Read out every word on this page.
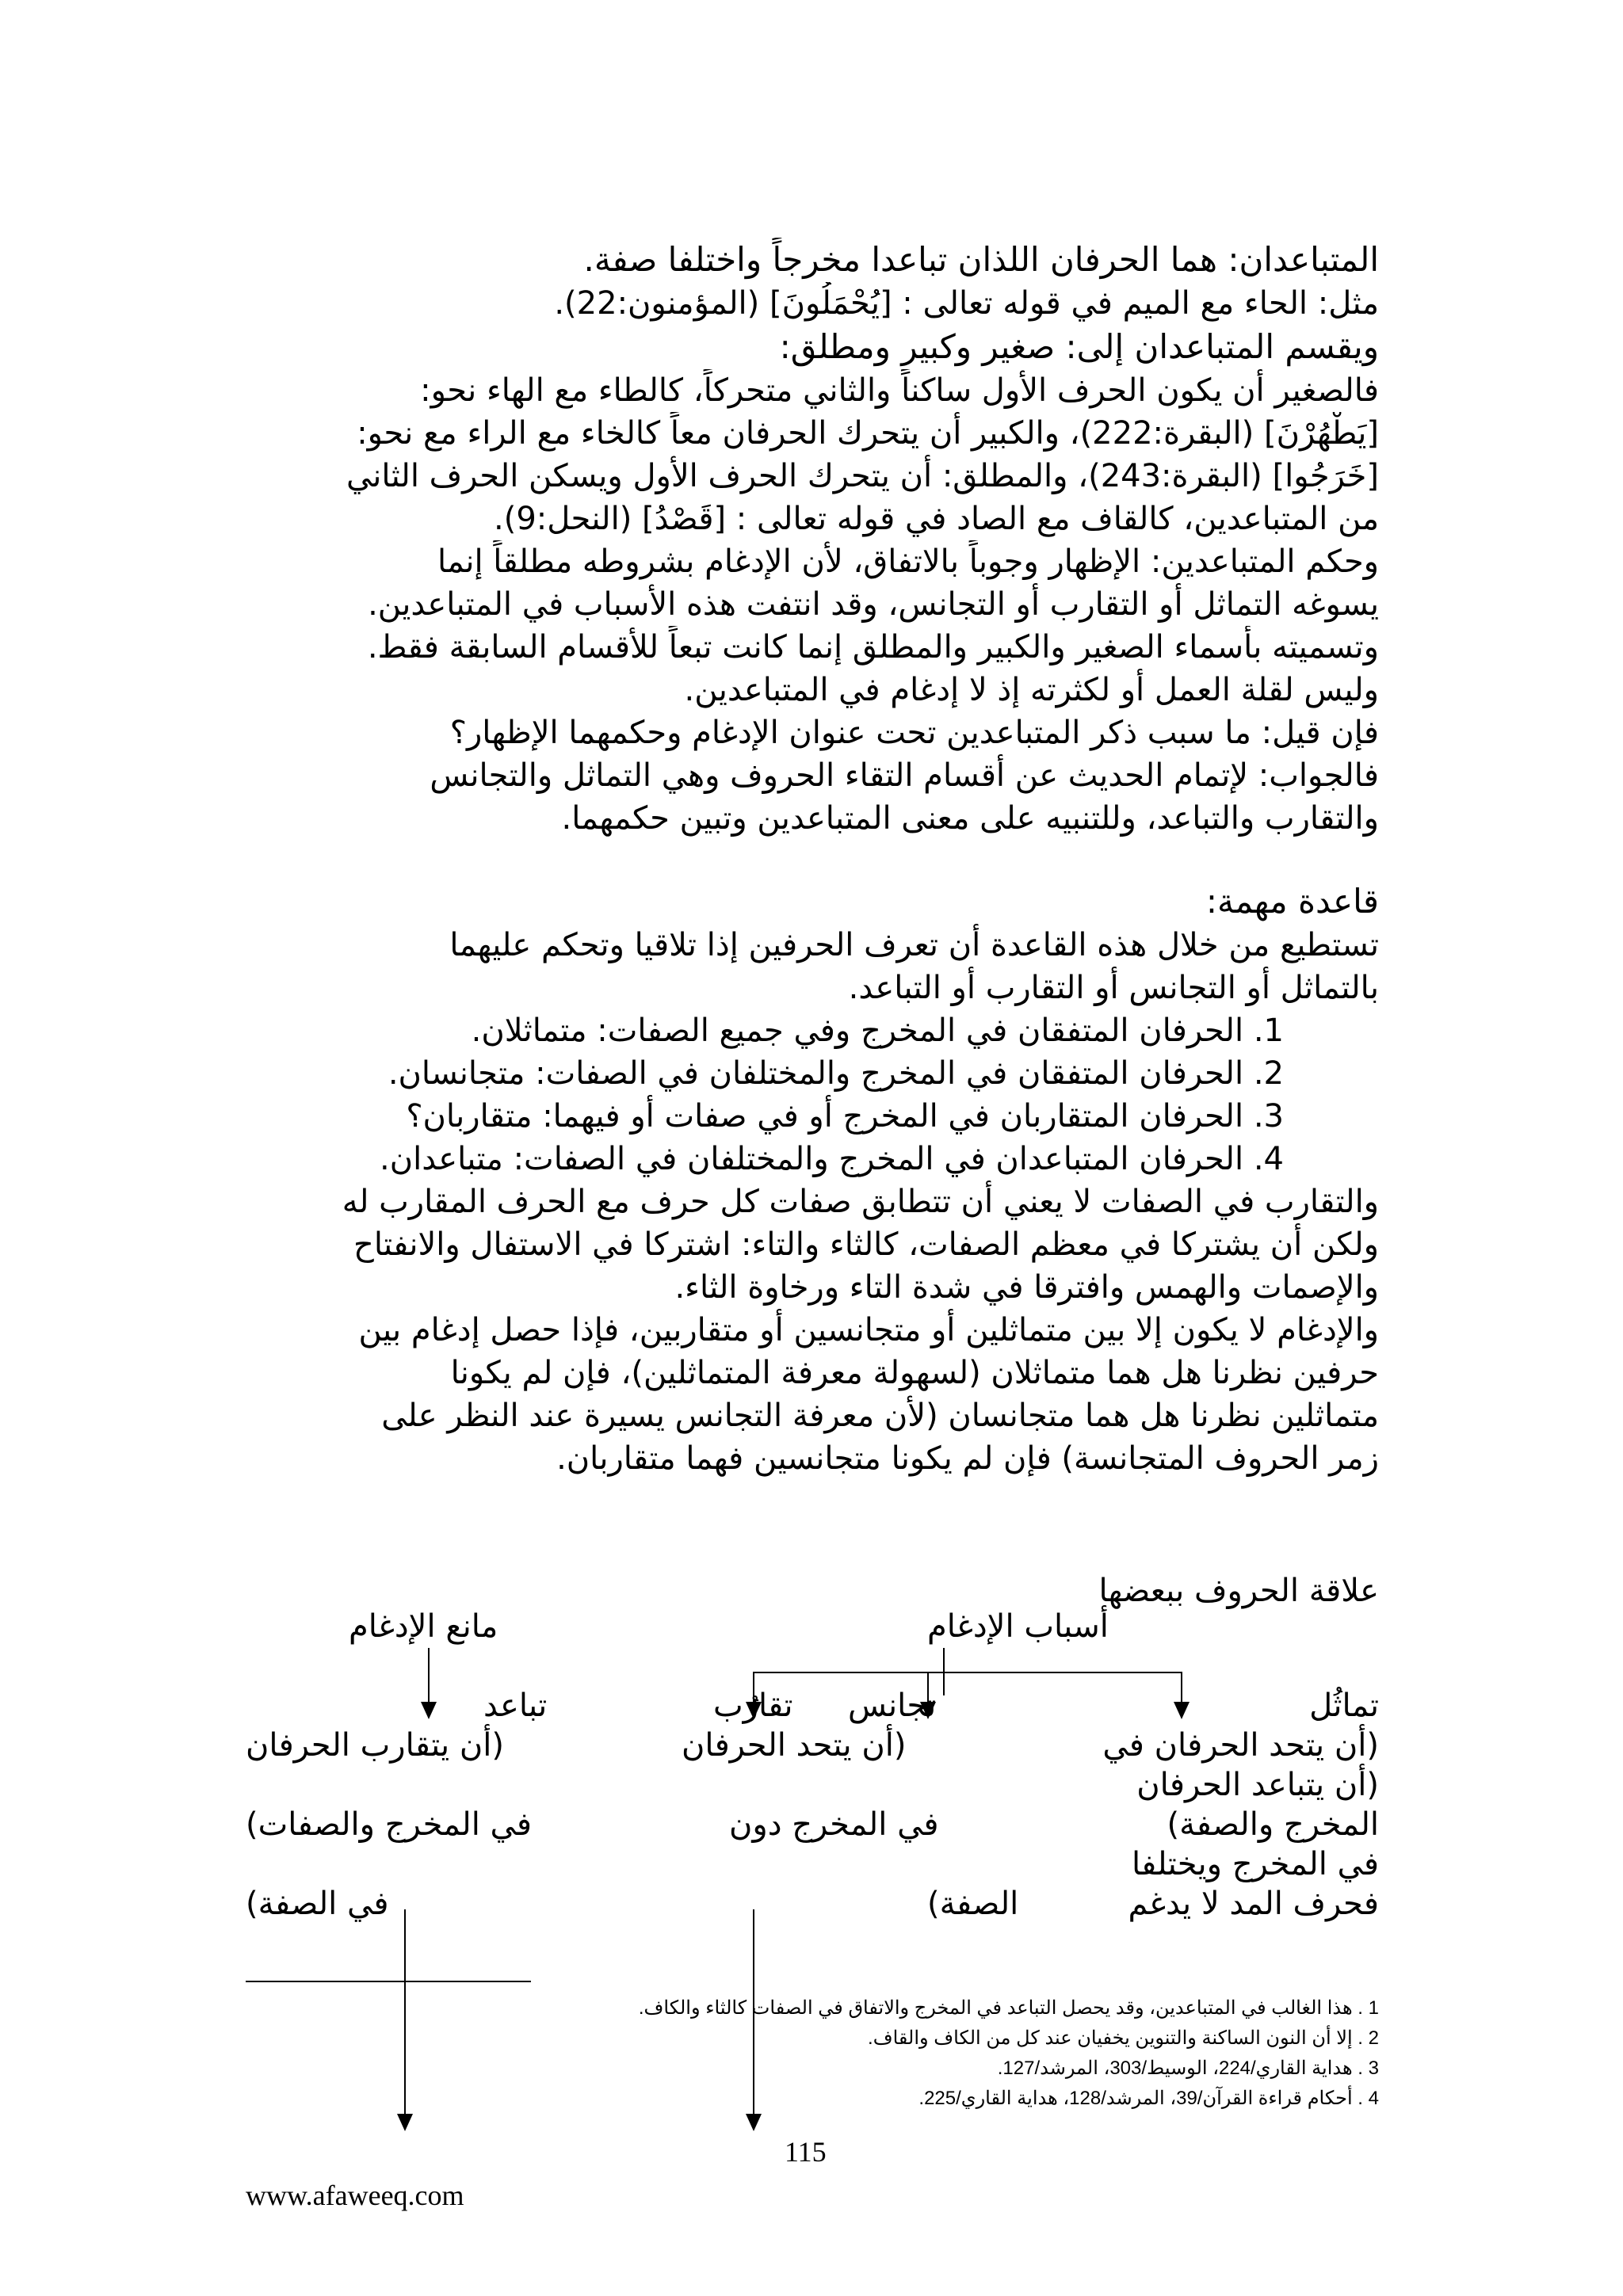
المتباعدان: هما الحرفان اللذان تباعدا مخرجاً واختلفا صفة.
مثل: الحاء مع الميم في قوله تعالى : [يُحْمَلُونَ] (المؤمنون:22).
ويقسم المتباعدان إلى: صغير وكبير ومطلق:
فالصغير أن يكون الحرف الأول ساكناً والثاني متحركاً، كالطاء مع الهاء نحو:
[يَطْهُرْنَ] (البقرة:222)، والكبير أن يتحرك الحرفان معاً كالخاء مع الراء مع نحو:
[خَرَجُوا] (البقرة:243)، والمطلق: أن يتحرك الحرف الأول ويسكن الحرف الثاني
من المتباعدين، كالقاف مع الصاد في قوله تعالى : [قَصْدُ] (النحل:9).
وحكم المتباعدين: الإظهار وجوباً بالاتفاق، لأن الإدغام بشروطه مطلقاً إنما
يسوغه التماثل أو التقارب أو التجانس، وقد انتفت هذه الأسباب في المتباعدين.
وتسميته بأسماء الصغير والكبير والمطلق إنما كانت تبعاً للأقسام السابقة فقط.
وليس لقلة العمل أو لكثرته إذ لا إدغام في المتباعدين.
فإن قيل: ما سبب ذكر المتباعدين تحت عنوان الإدغام وحكمهما الإظهار؟
فالجواب: لإتمام الحديث عن أقسام التقاء الحروف وهي التماثل والتجانس
والتقارب والتباعد، وللتنبيه على معنى المتباعدين وتبين حكمهما.
قاعدة مهمة:
تستطيع من خلال هذه القاعدة أن تعرف الحرفين إذا تلاقيا وتحكم عليهما
بالتماثل أو التجانس أو التقارب أو التباعد.
1. الحرفان المتفقان في المخرج وفي جميع الصفات: متماثلان.
2. الحرفان المتفقان في المخرج والمختلفان في الصفات: متجانسان.
3. الحرفان المتقاربان في المخرج أو في صفات أو فيهما: متقاربان؟
4. الحرفان المتباعدان في المخرج والمختلفان في الصفات: متباعدان.
والتقارب في الصفات لا يعني أن تتطابق صفات كل حرف مع الحرف المقارب له
ولكن أن يشتركا في معظم الصفات، كالثاء والتاء: اشتركا في الاستفال والانفتاح
والإصمات والهمس وافترقا في شدة التاء ورخاوة الثاء.
والإدغام لا يكون إلا بين متماثلين أو متجانسين أو متقاربين، فإذا حصل إدغام بين
حرفين نظرنا هل هما متماثلان (لسهولة معرفة المتماثلين)، فإن لم يكونا
متماثلين نظرنا هل هما متجانسان (لأن معرفة التجانس يسيرة عند النظر على
زمر الحروف المتجانسة) فإن لم يكونا متجانسين فهما متقاربان.
علاقة الحروف ببعضها
أسباب الإدغام
مانع الإدغام
تماثُل
تجانس
تقارُب
تباعد
(أن يتحد الحرفان في
(أن يتباعد الحرفان
المخرج والصفة)
في المخرج ويختلفا
فحرف المد لا يدغم
(أن يتحد الحرفان
في المخرج دون
الصفة)
(أن يتقارب الحرفان
في المخرج والصفات)
في الصفة)
1 . هذا الغالب في المتباعدين، وقد يحصل التباعد في المخرج والاتفاق في الصفات كالثاء والكاف.
2 . إلا أن النون الساكنة والتنوين يخفيان عند كل من الكاف والقاف.
3 . هداية القاري/224، الوسيط/303، المرشد/127.
4 . أحكام قراءة القرآن/39، المرشد/128، هداية القاري/225.
115
www.afaweeq.com
